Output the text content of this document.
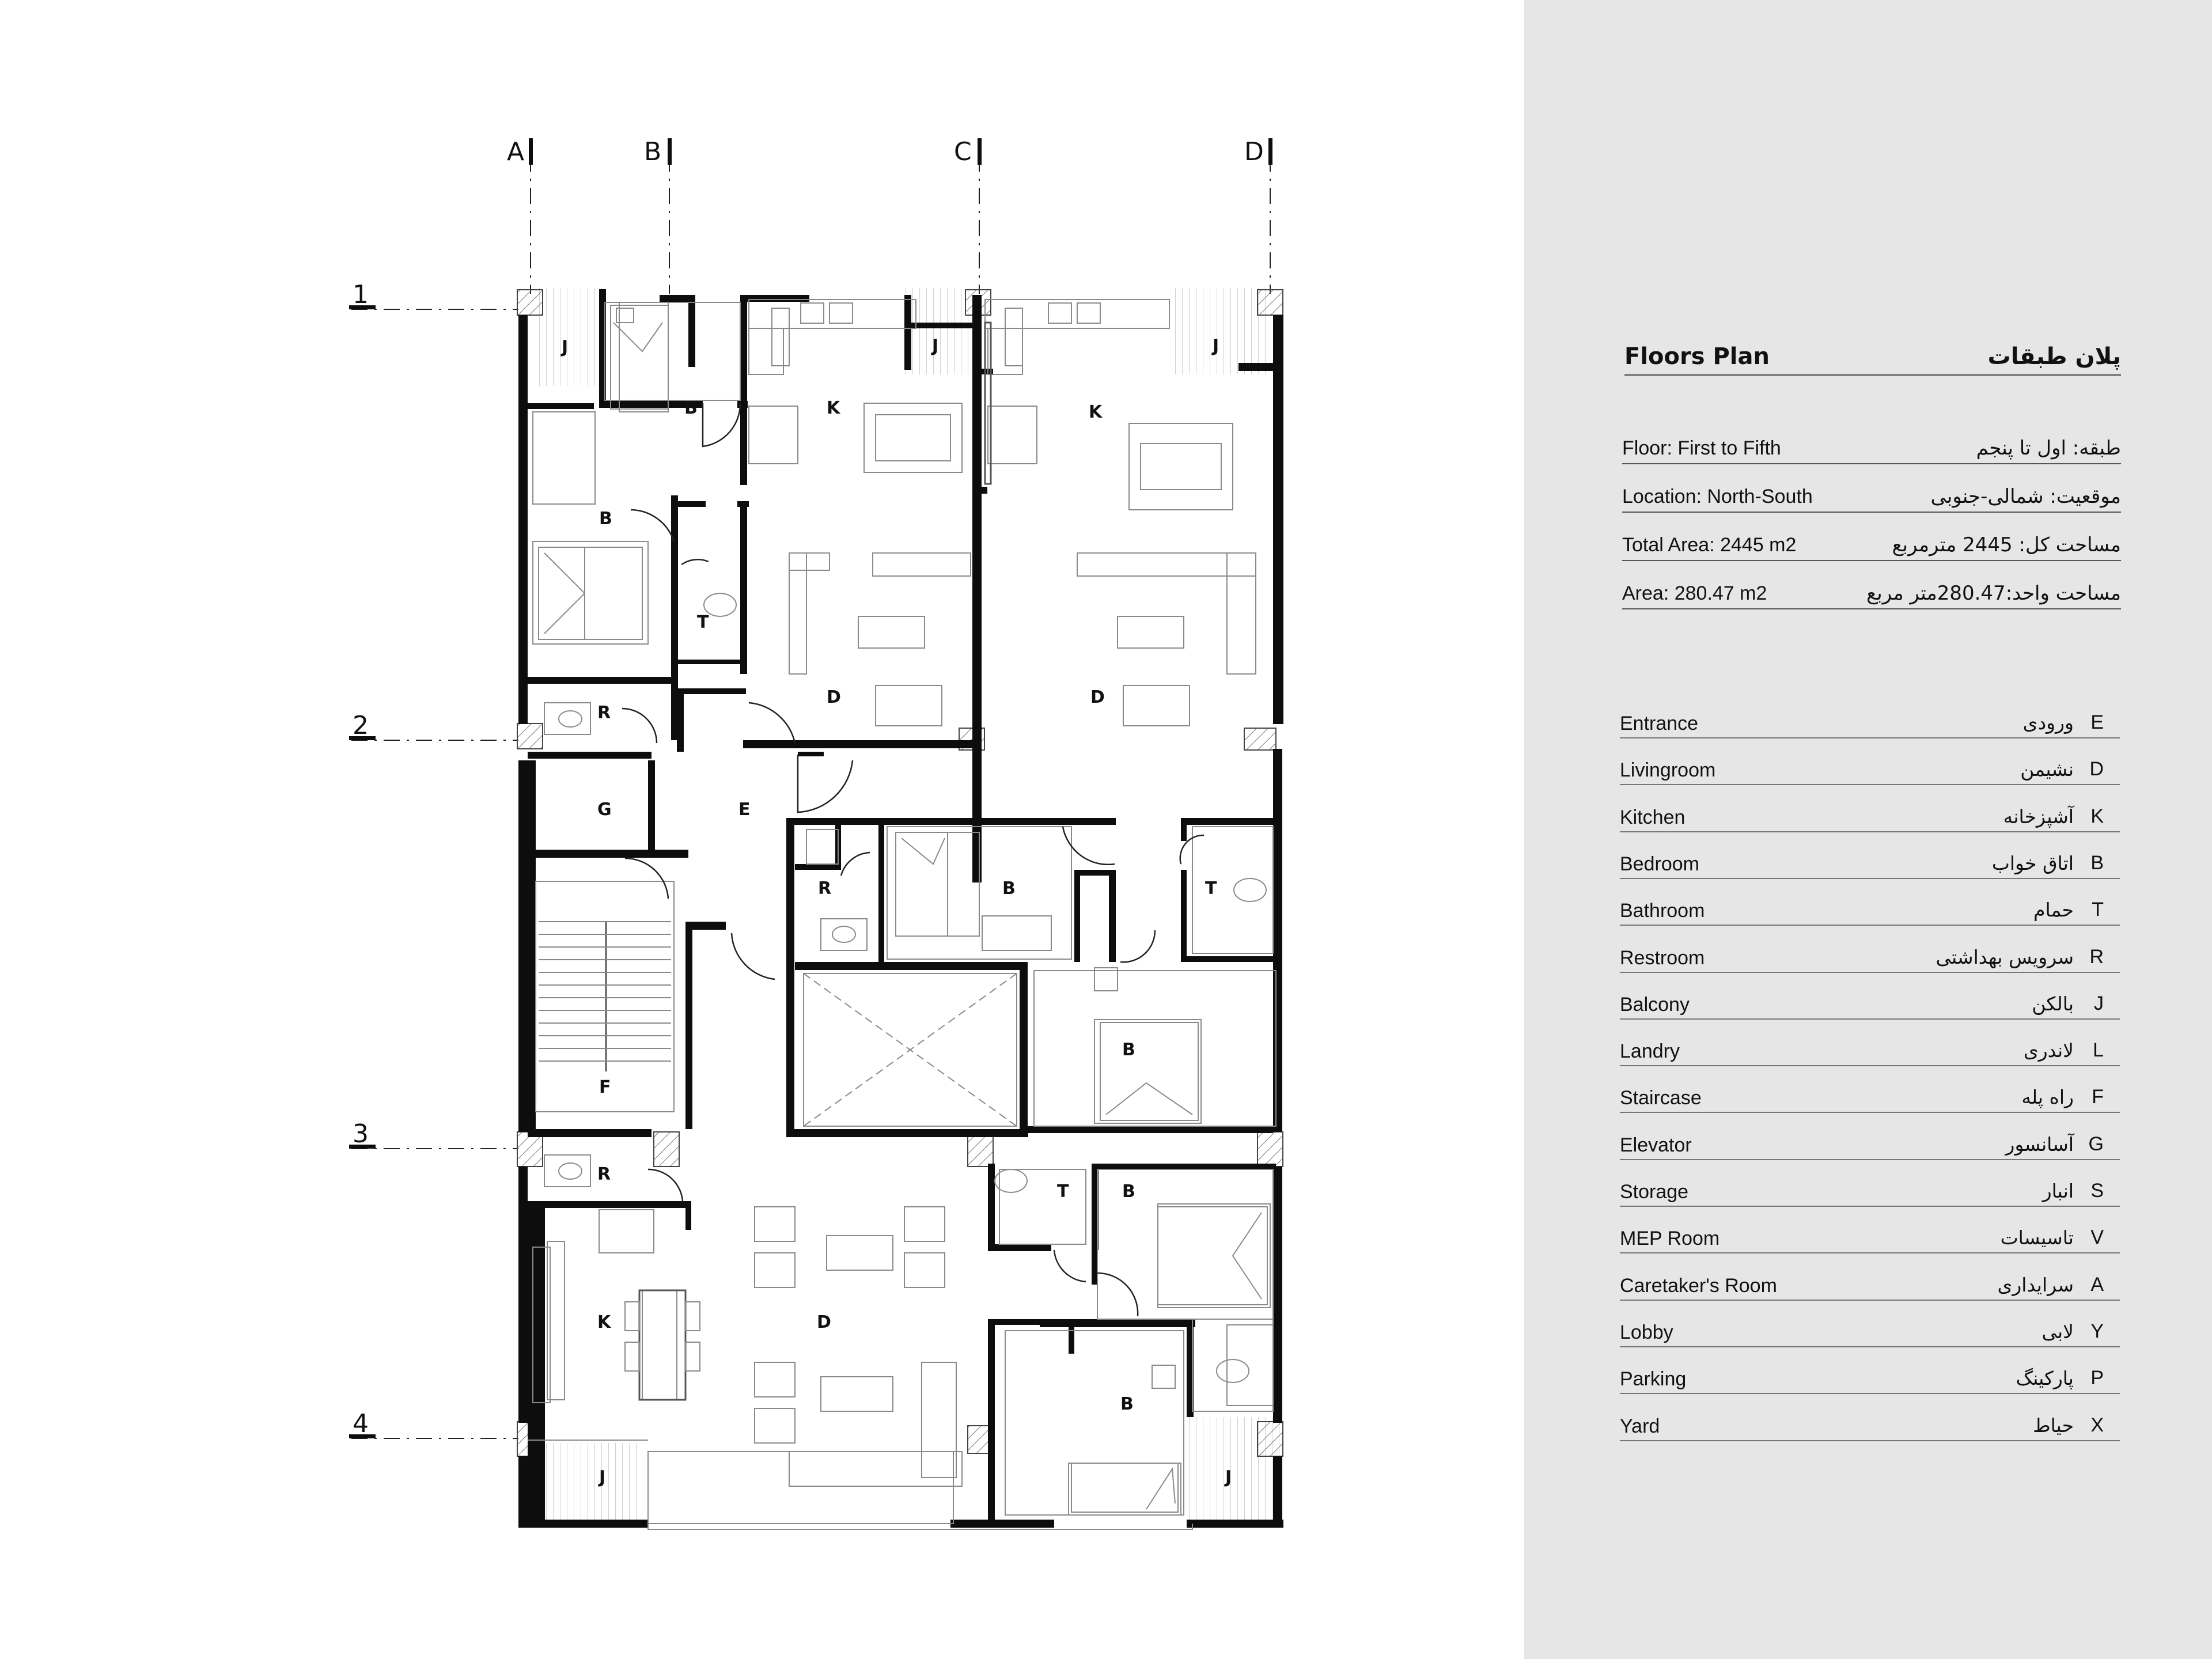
A	B	C	D
1
2
3
4
J
B	K
J
K
J
B
T
D	D
R
G	E
R	B	T
B
F
R
T	B
K	D
B
J	J
Floors Plan	پلان طبقات
Floor: First to Fifth	طبقه: اول تا پنجم
Location: North-South	موقعیت: شمالی-جنوبی
Total Area: 2445 m2	مساحت کل: 2445 مترمربع
Area: 280.47 m2	مساحت واحد:280.47متر مربع
Entrance	ورودی E
Livingroom	نشیمن D
Kitchen	آشپزخانه K
Bedroom	اتاق خواب B
Bathroom	حمام T
Restroom	سرویس بهداشتی R
Balcony	بالکن J
Landry	لاندری L
Staircase	راه پله F
Elevator	آسانسور G
Storage	انبار S
MEP Room	تاسیسات V
Caretaker's Room	سرایداری A
Lobby	لابی Y
Parking	پارکینگ P
Yard	حیاط X
